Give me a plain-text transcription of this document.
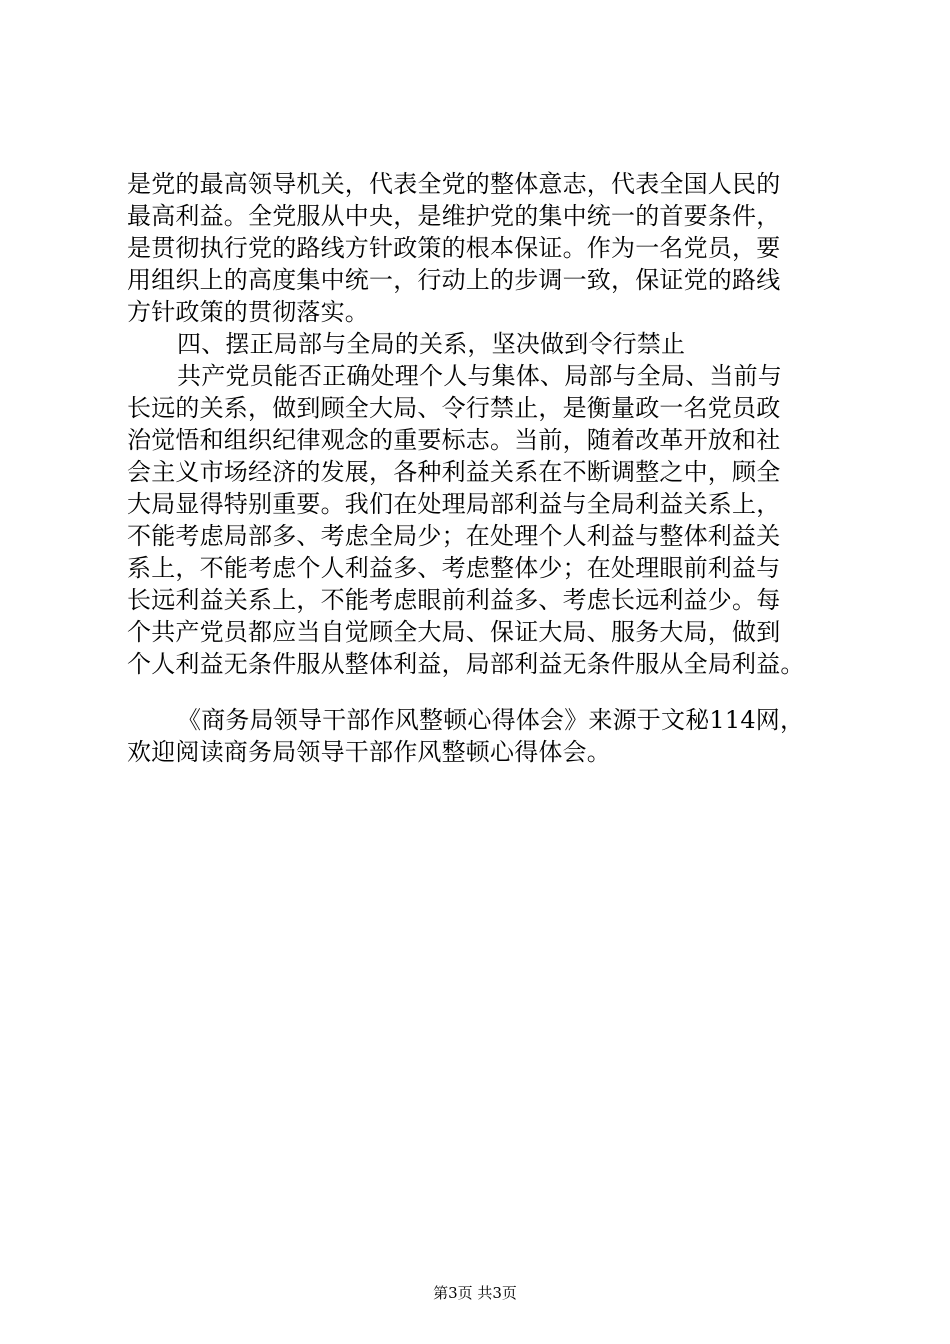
是党的最高领导机关，代表全党的整体意志，代表全国人民的
最高利益。全党服从中央，是维护党的集中统一的首要条件，
是贯彻执行党的路线方针政策的根本保证。作为一名党员，要
用组织上的高度集中统一，行动上的步调一致，保证党的路线
方针政策的贯彻落实。
四、摆正局部与全局的关系，坚决做到令行禁止
共产党员能否正确处理个人与集体、局部与全局、当前与
长远的关系，做到顾全大局、令行禁止，是衡量政一名党员政
治觉悟和组织纪律观念的重要标志。当前，随着改革开放和社
会主义市场经济的发展，各种利益关系在不断调整之中，顾全
大局显得特别重要。我们在处理局部利益与全局利益关系上，
不能考虑局部多、考虑全局少；在处理个人利益与整体利益关
系上，不能考虑个人利益多、考虑整体少；在处理眼前利益与
长远利益关系上，不能考虑眼前利益多、考虑长远利益少。每
个共产党员都应当自觉顾全大局、保证大局、服务大局，做到
个人利益无条件服从整体利益，局部利益无条件服从全局利益。
《商务局领导干部作风整顿心得体会》来源于文秘114网，
欢迎阅读商务局领导干部作风整顿心得体会。
第3页 共3页
